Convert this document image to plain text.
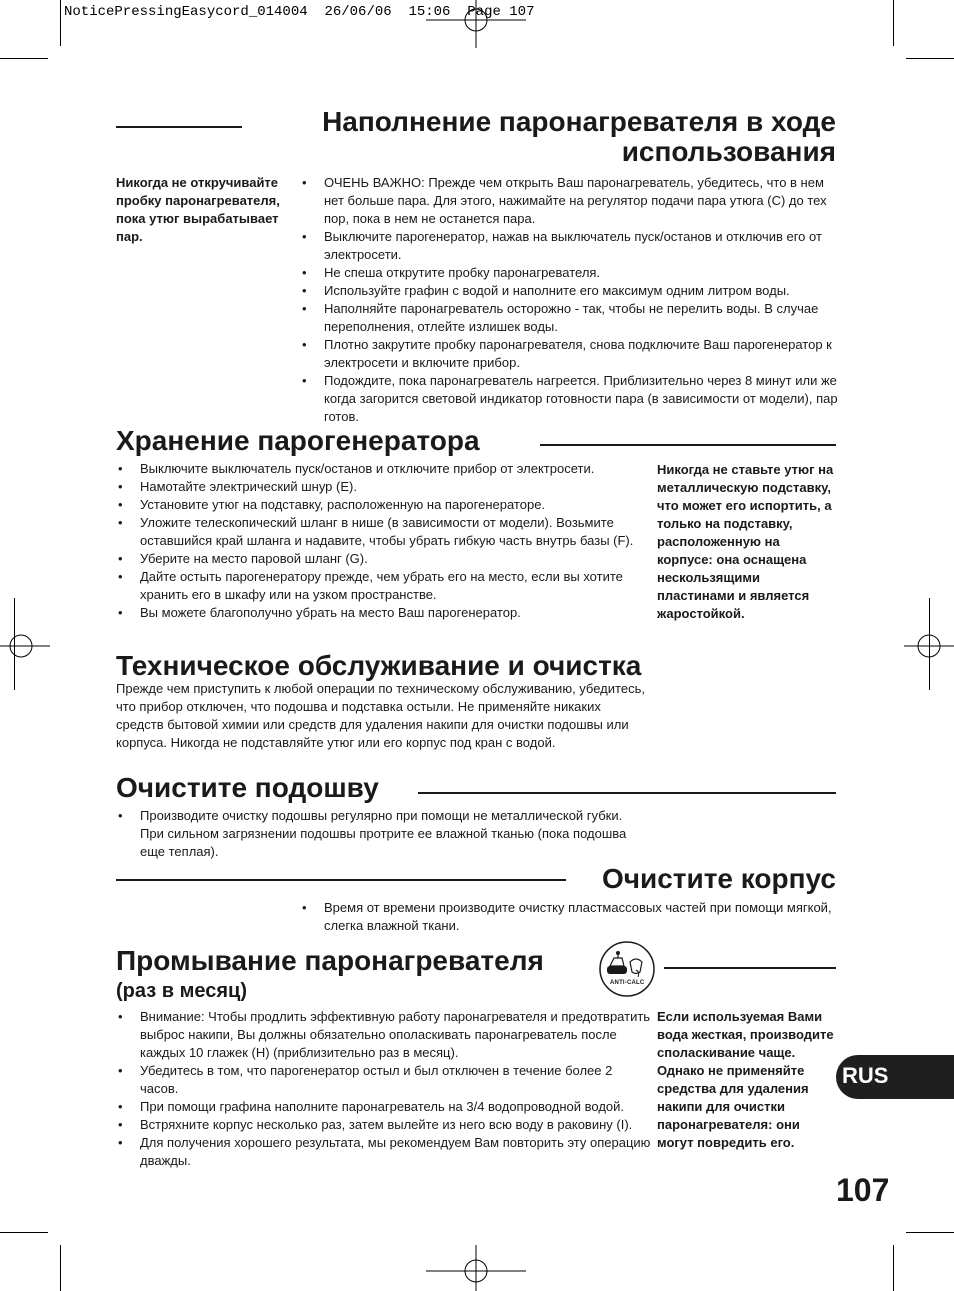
NoticePressingEasycord_014004  26/06/06  15:06  Page 107
Наполнение паронагревателя в ходе
использования
Никогда не откручивайте пробку паронагревателя, пока утюг вырабатывает пар.
• ОЧЕНЬ ВАЖНО: Прежде чем открыть Ваш паронагреватель, убедитесь, что в нем нет больше пара. Для этого, нажимайте на регулятор подачи пара утюга (C) до тех пор, пока в нем не останется пара.
• Выключите парогенератор, нажав на выключатель пуск/останов и отключив его от электросети.
• Не спеша открутите пробку паронагревателя.
• Используйте графин с водой и наполните его максимум одним литром воды.
• Наполняйте паронагреватель осторожно - так, чтобы не перелить воды. В случае переполнения, отлейте излишек воды.
• Плотно закрутите пробку паронагревателя, снова подключите Ваш парогенератор к электросети и включите прибор.
• Подождите, пока паронагреватель нагреется. Приблизительно через 8 минут или же когда загорится световой индикатор готовности пара (в зависимости от модели), пар готов.
Хранение парогенератора
• Выключите выключатель пуск/останов и отключите прибор от электросети.
• Намотайте электрический шнур (E).
• Установите утюг на подставку, расположенную на парогенераторе.
• Уложите телескопический шланг в нише (в зависимости от модели). Возьмите оставшийся край шланга и надавите, чтобы убрать гибкую часть внутрь базы (F).
• Уберите на место паровой шланг (G).
• Дайте остыть парогенератору прежде, чем убрать его на место, если вы хотите хранить его в шкафу или на узком пространстве.
• Вы можете благополучно убрать на место Ваш парогенератор.
Никогда не ставьте утюг на металлическую подставку, что может его испортить, а только на подставку, расположенную на корпусе: она оснащена нескользящими пластинами и является жаростойкой.
Техническое обслуживание и очистка
Прежде чем приступить к любой операции по техническому обслуживанию, убедитесь, что прибор отключен, что подошва и подставка остыли. Не применяйте никаких средств бытовой химии или средств для удаления накипи для очистки подошвы или корпуса. Никогда не подставляйте утюг или его корпус под кран с водой.
Очистите подошву
• Производите очистку подошвы регулярно при помощи не металлической губки. При сильном загрязнении подошвы протрите ее влажной тканью (пока подошва еще теплая).
Очистите корпус
• Время от времени производите очистку пластмассовых частей при помощи мягкой, слегка влажной ткани.
Промывание паронагревателя
(раз в месяц)	ANTI-CALC
• Внимание: Чтобы продлить эффективную работу паронагревателя и предотвратить выброс накипи, Вы должны обязательно ополаскивать паронагреватель после каждых 10 глажек (H) (приблизительно раз в месяц).
• Убедитесь в том, что парогенератор остыл и был отключен в течение более 2 часов.
• При помощи графина наполните паронагреватель на 3/4 водопроводной водой.
• Встряхните корпус несколько раз, затем вылейте из него всю воду в раковину (I).
• Для получения хорошего результата, мы рекомендуем Вам повторить эту операцию дважды.
Если используемая Вами вода жесткая, производите споласкивание чаще. Однако не применяйте средства для удаления накипи для очистки паронагревателя: они могут повредить его.
RUS
107
